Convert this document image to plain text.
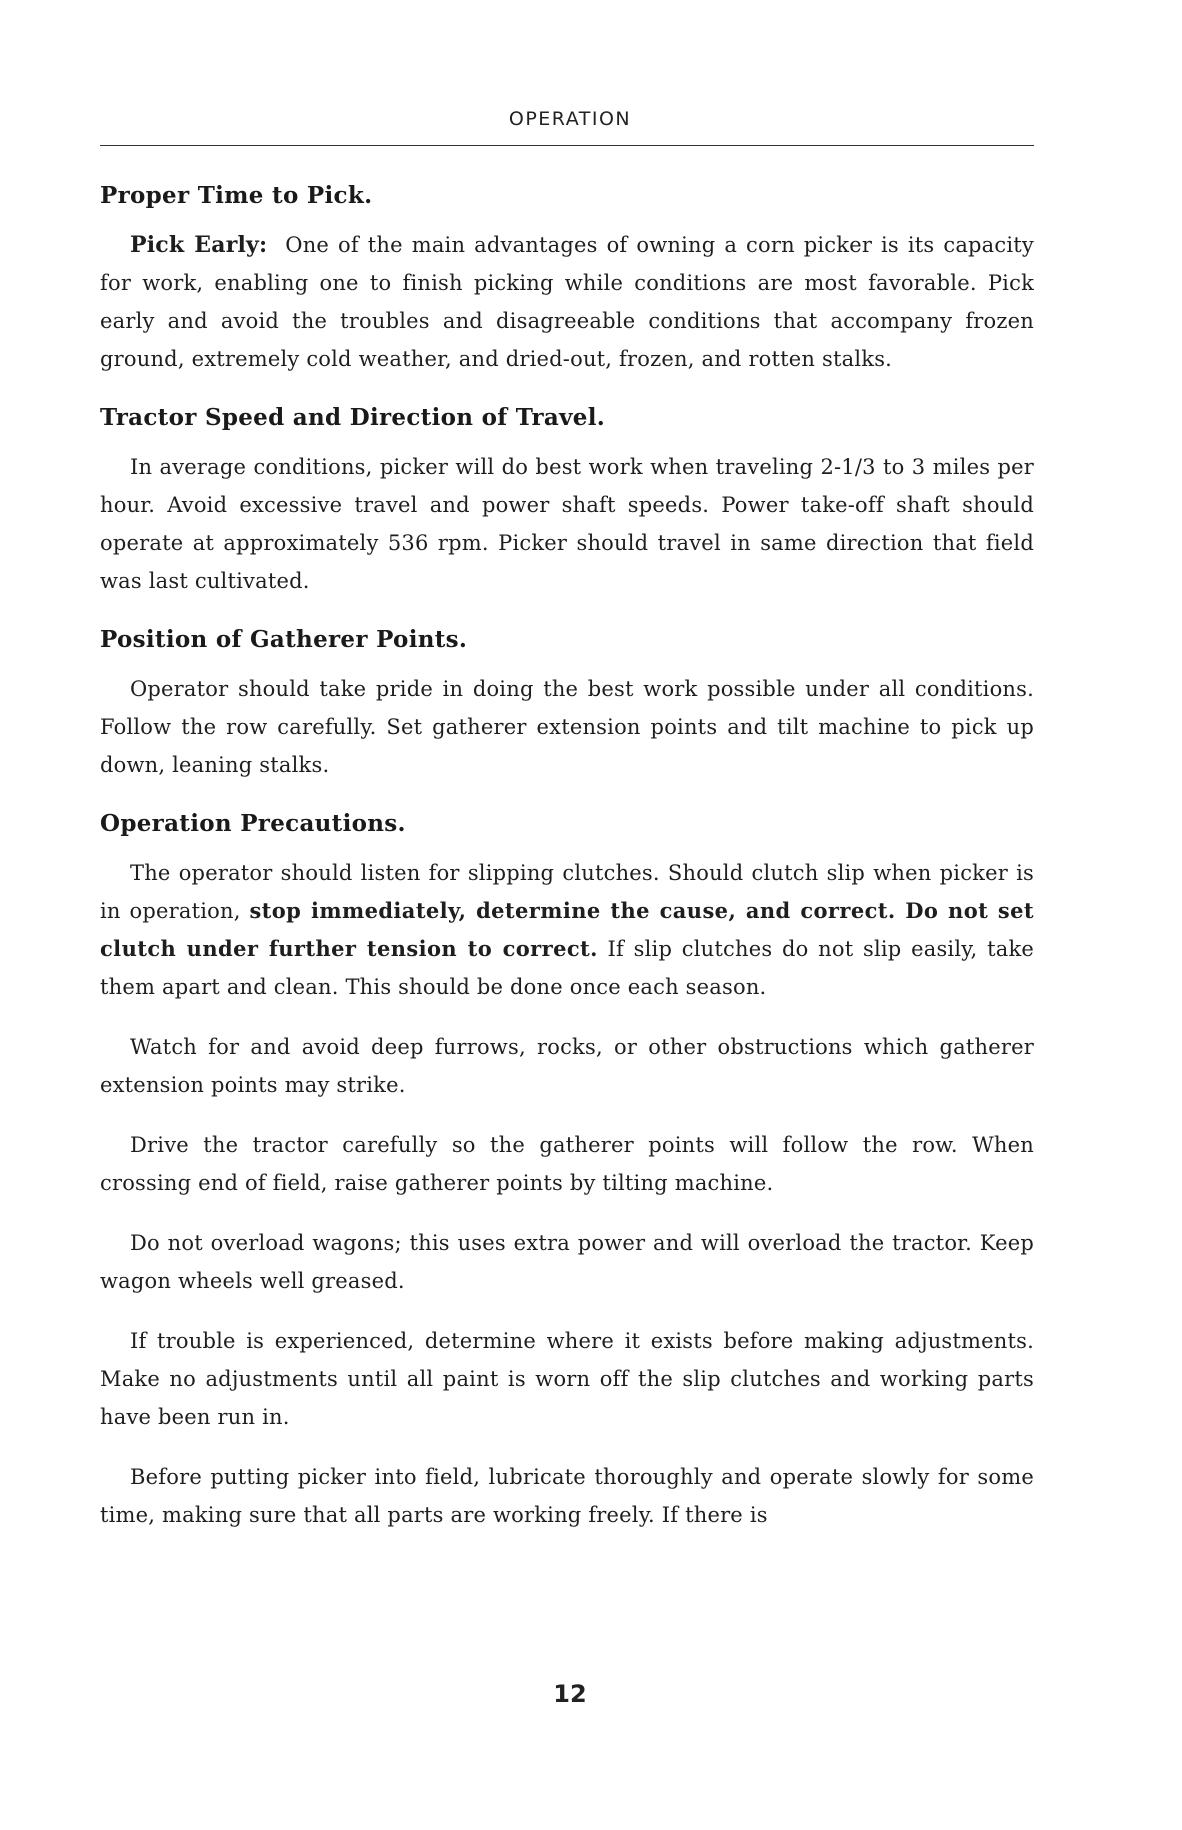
OPERATION
Proper Time to Pick.

Pick Early: One of the main advantages of owning a corn picker is its capacity for work, enabling one to finish picking while conditions are most favorable. Pick early and avoid the troubles and disagreeable conditions that accompany frozen ground, extremely cold weather, and dried-out, frozen, and rotten stalks.

Tractor Speed and Direction of Travel.

In average conditions, picker will do best work when traveling 2-1/3 to 3 miles per hour. Avoid excessive travel and power shaft speeds. Power take-off shaft should operate at approximately 536 rpm. Picker should travel in same direction that field was last cultivated.

Position of Gatherer Points.

Operator should take pride in doing the best work possible under all conditions. Follow the row carefully. Set gatherer extension points and tilt machine to pick up down, leaning stalks.

Operation Precautions.

The operator should listen for slipping clutches. Should clutch slip when picker is in operation, stop immediately, determine the cause, and correct. Do not set clutch under further tension to correct. If slip clutches do not slip easily, take them apart and clean. This should be done once each season.

Watch for and avoid deep furrows, rocks, or other obstructions which gatherer extension points may strike.

Drive the tractor carefully so the gatherer points will follow the row. When crossing end of field, raise gatherer points by tilting machine.

Do not overload wagons; this uses extra power and will overload the tractor. Keep wagon wheels well greased.

If trouble is experienced, determine where it exists before making adjustments. Make no adjustments until all paint is worn off the slip clutches and working parts have been run in.

Before putting picker into field, lubricate thoroughly and operate slowly for some time, making sure that all parts are working freely. If there is

12
